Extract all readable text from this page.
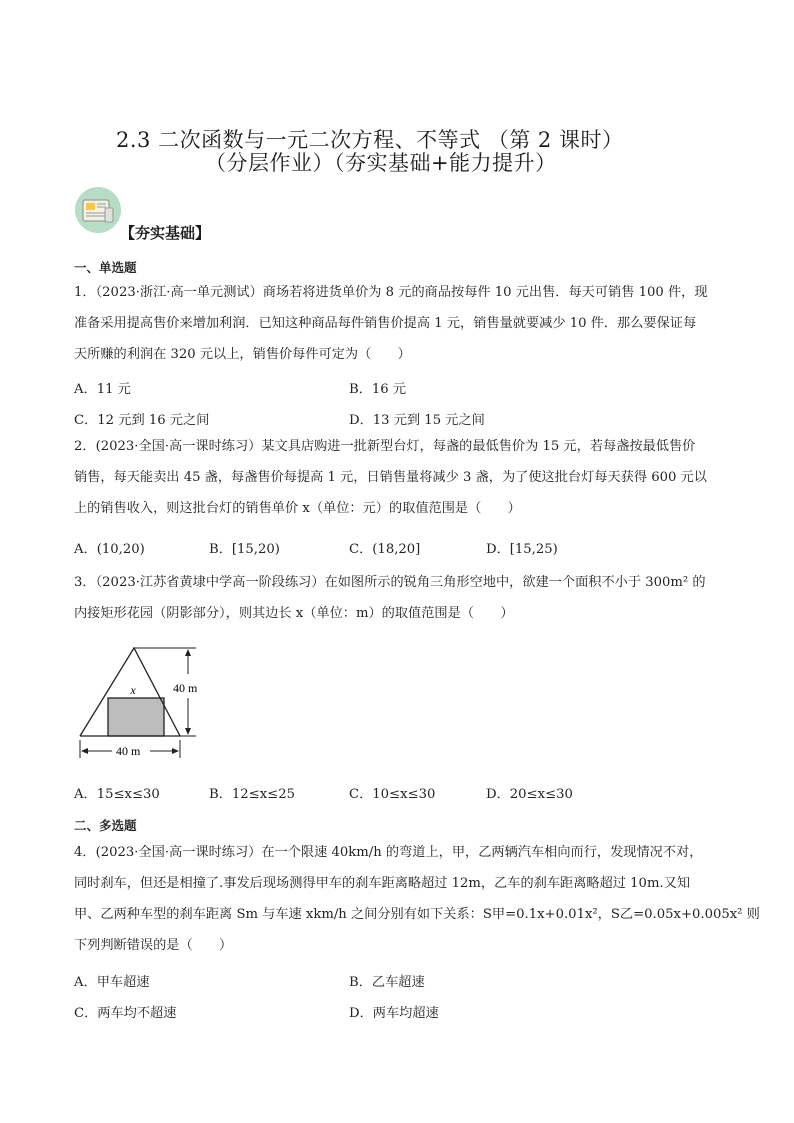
2.3 二次函数与一元二次方程、不等式 （第 2 课时）
（分层作业）（夯实基础+能力提升）
【夯实基础】
一、单选题
1．（2023·浙江·高一单元测试）商场若将进货单价为 8 元的商品按每件 10 元出售．每天可销售 100 件，现
准备采用提高售价来增加利润．已知这种商品每件销售价提高 1 元，销售量就要减少 10 件．那么要保证每
天所赚的利润在 320 元以上，销售价每件可定为（　　）
A．11 元	B．16 元
C．12 元到 16 元之间	D．13 元到 15 元之间
2．(2023·全国·高一课时练习）某文具店购进一批新型台灯，每盏的最低售价为 15 元，若每盏按最低售价
销售，每天能卖出 45 盏，每盏售价每提高 1 元，日销售量将减少 3 盏，为了使这批台灯每天获得 600 元以
上的销售收入，则这批台灯的销售单价 x（单位：元）的取值范围是（　　）
A．(10,20)	B．[15,20)	C．(18,20]	D．[15,25)
3．（2023·江苏省黄埭中学高一阶段练习）在如图所示的锐角三角形空地中，欲建一个面积不小于 300m² 的
内接矩形花园（阴影部分），则其边长 x（单位：m）的取值范围是（　　）
x	40 m
40 m
A．15≤x≤30	B．12≤x≤25	C．10≤x≤30	D．20≤x≤30
二、多选题
4．(2023·全国·高一课时练习）在一个限速 40km/h 的弯道上，甲，乙两辆汽车相向而行，发现情况不对，
同时刹车，但还是相撞了.事发后现场测得甲车的刹车距离略超过 12m，乙车的刹车距离略超过 10m.又知
甲、乙两种车型的刹车距离 Sm 与车速 xkm/h 之间分别有如下关系：S甲=0.1x+0.01x²，S乙=0.05x+0.005x² 则
下列判断错误的是（　　）
A．甲车超速	B．乙车超速
C．两车均不超速	D．两车均超速
